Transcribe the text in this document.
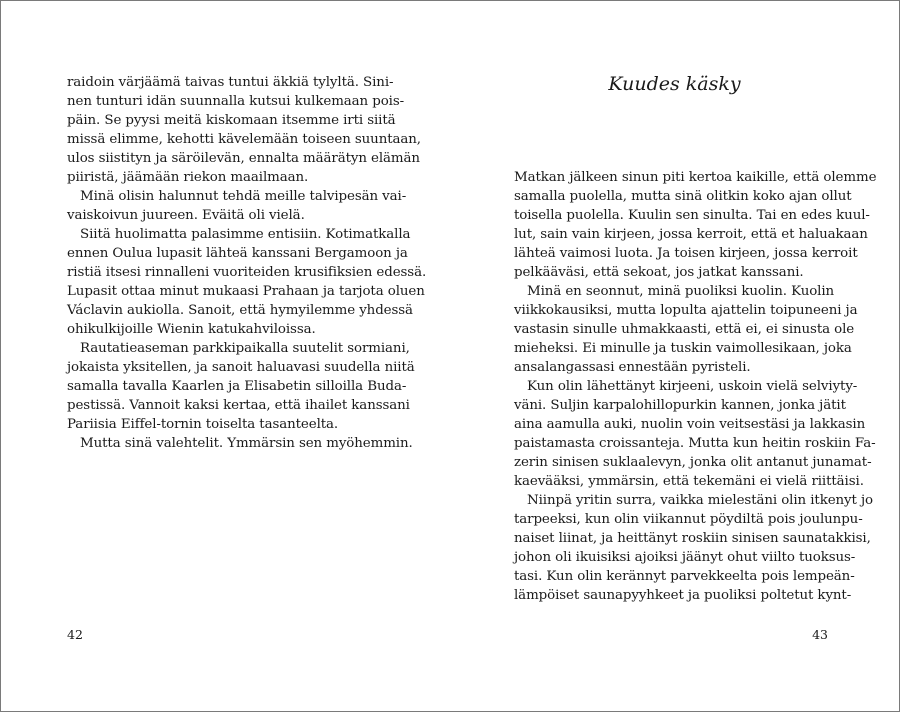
raidoin värjäämä taivas tuntui äkkiä tylyltä. Sini-
nen tunturi idän suunnalla kutsui kulkemaan pois-
päin. Se pyysi meitä kiskomaan itsemme irti siitä
missä elimme, kehotti kävelemään toiseen suuntaan,
ulos siistityn ja säröilevän, ennalta määrätyn elämän
piiristä, jäämään riekon maailmaan.
Minä olisin halunnut tehdä meille talvipesän vai-
vaiskoivun juureen. Eväitä oli vielä.
Siitä huolimatta palasimme entisiin. Kotimatkalla
ennen Oulua lupasit lähteä kanssani Bergamoon ja
ristiä itsesi rinnalleni vuoriteiden krusifiksien edessä.
Lupasit ottaa minut mukaasi Prahaan ja tarjota oluen
Václavin aukiolla. Sanoit, että hymyilemme yhdessä
ohikulkijoille Wienin katukahviloissa.
Rautatieaseman parkkipaikalla suutelit sormiani,
jokaista yksitellen, ja sanoit haluavasi suudella niitä
samalla tavalla Kaarlen ja Elisabetin silloilla Buda-
pestissä. Vannoit kaksi kertaa, että ihailet kanssani
Pariisia Eiffel-tornin toiselta tasanteelta.
Mutta sinä valehtelit. Ymmärsin sen myöhemmin.
42
Kuudes käsky
Matkan jälkeen sinun piti kertoa kaikille, että olemme
samalla puolella, mutta sinä olitkin koko ajan ollut
toisella puolella. Kuulin sen sinulta. Tai en edes kuul-
lut, sain vain kirjeen, jossa kerroit, että et haluakaan
lähteä vaimosi luota. Ja toisen kirjeen, jossa kerroit
pelkääväsi, että sekoat, jos jatkat kanssani.
Minä en seonnut, minä puoliksi kuolin. Kuolin
viikkokausiksi, mutta lopulta ajattelin toipuneeni ja
vastasin sinulle uhmakkaasti, että ei, ei sinusta ole
mieheksi. Ei minulle ja tuskin vaimollesikaan, joka
ansalangassasi ennestään pyristeli.
Kun olin lähettänyt kirjeeni, uskoin vielä selviyty-
väni. Suljin karpalohillopurkin kannen, jonka jätit
aina aamulla auki, nuolin voin veitsestäsi ja lakkasin
paistamasta croissanteja. Mutta kun heitin roskiin Fa-
zerin sinisen suklaalevyn, jonka olit antanut junamat-
kaevääksi, ymmärsin, että tekemäni ei vielä riittäisi.
Niinpä yritin surra, vaikka mielestäni olin itkenyt jo
tarpeeksi, kun olin viikannut pöydiltä pois joulunpu-
naiset liinat, ja heittänyt roskiin sinisen saunatakkisi,
johon oli ikuisiksi ajoiksi jäänyt ohut viilto tuoksus-
tasi. Kun olin kerännyt parvekkeelta pois lempeän-
lämpöiset saunapyyhkeet ja puoliksi poltetut kynt-
43
